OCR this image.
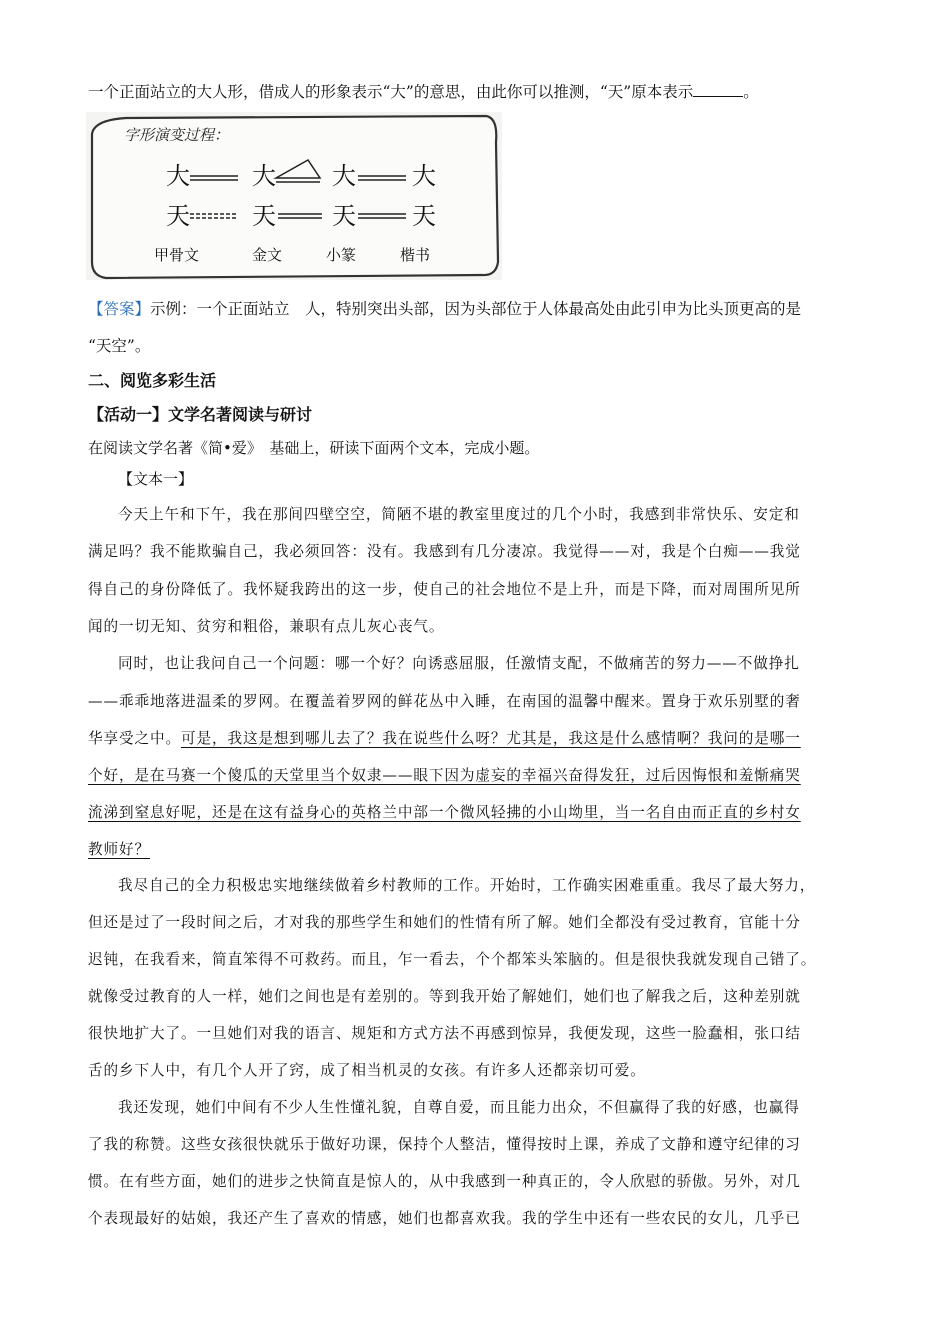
一个正面站立的大人形，借成人的形象表示“大”的意思，由此你可以推测，“天”原本表示	。
字形演变过程：
大	大 大 大
天	天 天 天
甲骨文	金文	小篆	楷书
【答案】示例：一个正面站立　人，特别突出头部，因为头部位于人体最高处由此引申为比头顶更高的是
“天空”。
二、阅览多彩生活
【活动一】文学名著阅读与研讨
在阅读文学名著《简•爱》　基础上，研读下面两个文本，完成小题。
【文本一】
今天上午和下午，我在那间四壁空空，简陋不堪的教室里度过的几个小时，我感到非常快乐、安定和
满足吗？我不能欺骗自己，我必须回答：没有。我感到有几分凄凉。我觉得——对，我是个白痴——我觉
得自己的身份降低了。我怀疑我跨出的这一步，使自己的社会地位不是上升，而是下降，而对周围所见所
闻的一切无知、贫穷和粗俗，兼职有点儿灰心丧气。
同时，也让我问自己一个问题：哪一个好？向诱惑屈服，任激情支配，不做痛苦的努力——不做挣扎
——乖乖地落进温柔的罗网。在覆盖着罗网的鲜花丛中入睡，在南国的温馨中醒来。置身于欢乐别墅的奢
华享受之中。可是，我这是想到哪儿去了？我在说些什么呀？尤其是，我这是什么感情啊？我问的是哪一
个好，是在马赛一个傻瓜的天堂里当个奴隶——眼下因为虚妄的幸福兴奋得发狂，过后因悔恨和羞惭痛哭
流涕到窒息好呢，还是在这有益身心的英格兰中部一个微风轻拂的小山坳里，当一名自由而正直的乡村女
教师好？
我尽自己的全力积极忠实地继续做着乡村教师的工作。开始时，工作确实困难重重。我尽了最大努力，
但还是过了一段时间之后，才对我的那些学生和她们的性情有所了解。她们全都没有受过教育，官能十分
迟钝，在我看来，简直笨得不可救药。而且，乍一看去，个个都笨头笨脑的。但是很快我就发现自己错了。
就像受过教育的人一样，她们之间也是有差别的。等到我开始了解她们，她们也了解我之后，这种差别就
很快地扩大了。一旦她们对我的语言、规矩和方式方法不再感到惊异，我便发现，这些一脸蠢相，张口结
舌的乡下人中，有几个人开了窍，成了相当机灵的女孩。有许多人还都亲切可爱。
我还发现，她们中间有不少人生性懂礼貌，自尊自爱，而且能力出众，不但赢得了我的好感，也赢得
了我的称赞。这些女孩很快就乐于做好功课，保持个人整洁，懂得按时上课，养成了文静和遵守纪律的习
惯。在有些方面，她们的进步之快简直是惊人的，从中我感到一种真正的，令人欣慰的骄傲。另外，对几
个表现最好的姑娘，我还产生了喜欢的情感，她们也都喜欢我。我的学生中还有一些农民的女儿，几乎已
